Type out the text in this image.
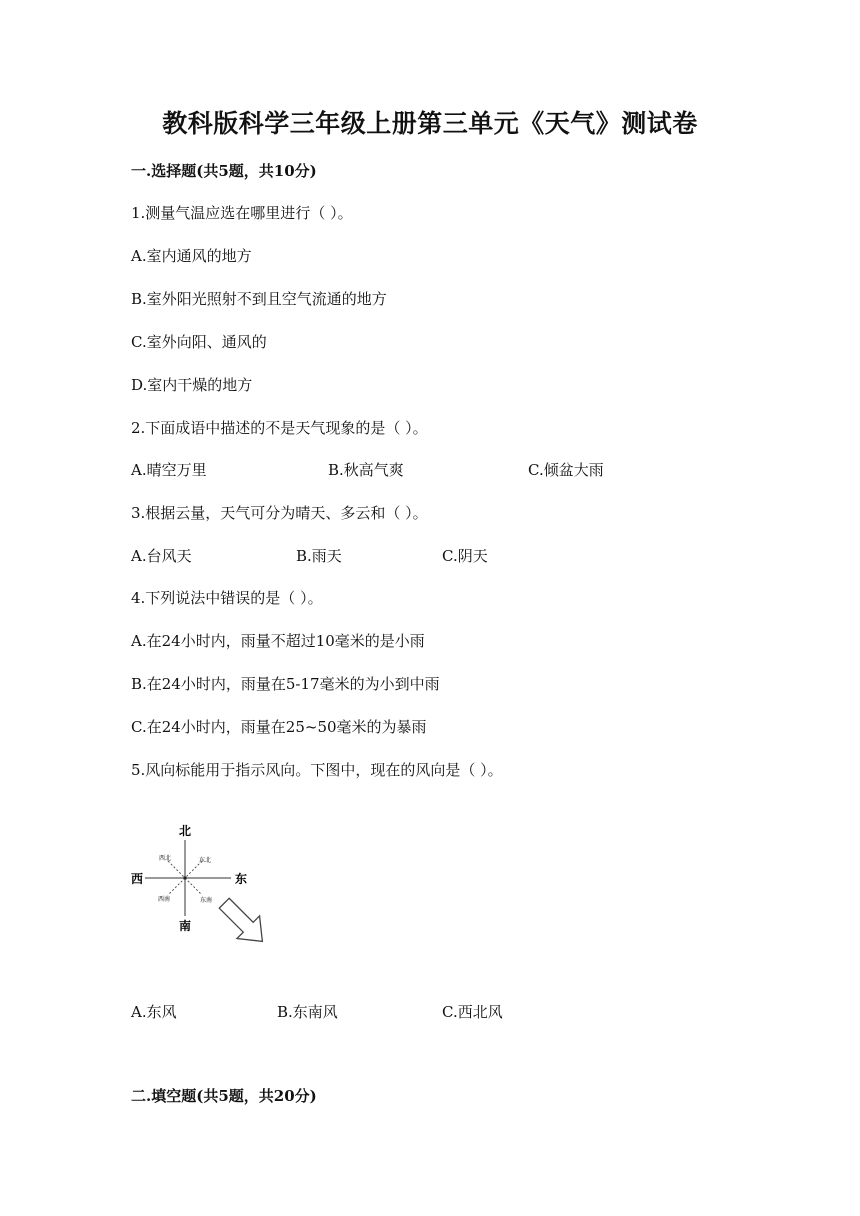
教科版科学三年级上册第三单元《天气》测试卷
一.选择题(共5题，共10分)
1.测量气温应选在哪里进行（ ）。
A.室内通风的地方
B.室外阳光照射不到且空气流通的地方
C.室外向阳、通风的
D.室内干燥的地方
2.下面成语中描述的不是天气现象的是（ ）。
A.晴空万里	B.秋高气爽	C.倾盆大雨
3.根据云量，天气可分为晴天、多云和（ ）。
A.台风天	B.雨天	C.阴天
4.下列说法中错误的是（ ）。
A.在24小时内，雨量不超过10毫米的是小雨
B.在24小时内，雨量在5-17毫米的为小到中雨
C.在24小时内，雨量在25~50毫米的为暴雨
5.风向标能用于指示风向。下图中，现在的风向是（ ）。
北
南
西	东
西北	东北
西南	东南
A.东风	B.东南风	C.西北风
二.填空题(共5题，共20分)
